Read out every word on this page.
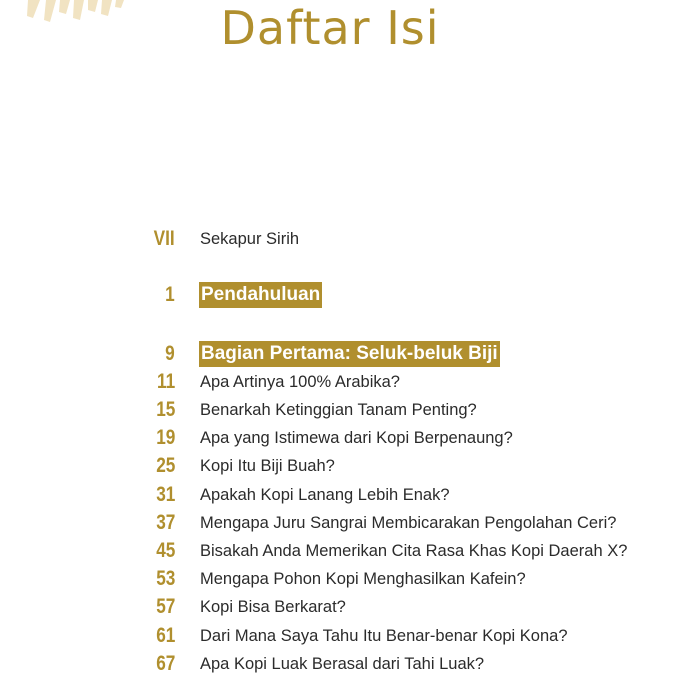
Daftar Isi
VII Sekapur Sirih
1 Pendahuluan
9 Bagian Pertama: Seluk-beluk Biji
11 Apa Artinya 100% Arabika?
15 Benarkah Ketinggian Tanam Penting?
19 Apa yang Istimewa dari Kopi Berpenaung?
25 Kopi Itu Biji Buah?
31 Apakah Kopi Lanang Lebih Enak?
37 Mengapa Juru Sangrai Membicarakan Pengolahan Ceri?
45 Bisakah Anda Memerikan Cita Rasa Khas Kopi Daerah X?
53 Mengapa Pohon Kopi Menghasilkan Kafein?
57 Kopi Bisa Berkarat?
61 Dari Mana Saya Tahu Itu Benar-benar Kopi Kona?
67 Apa Kopi Luak Berasal dari Tahi Luak?
